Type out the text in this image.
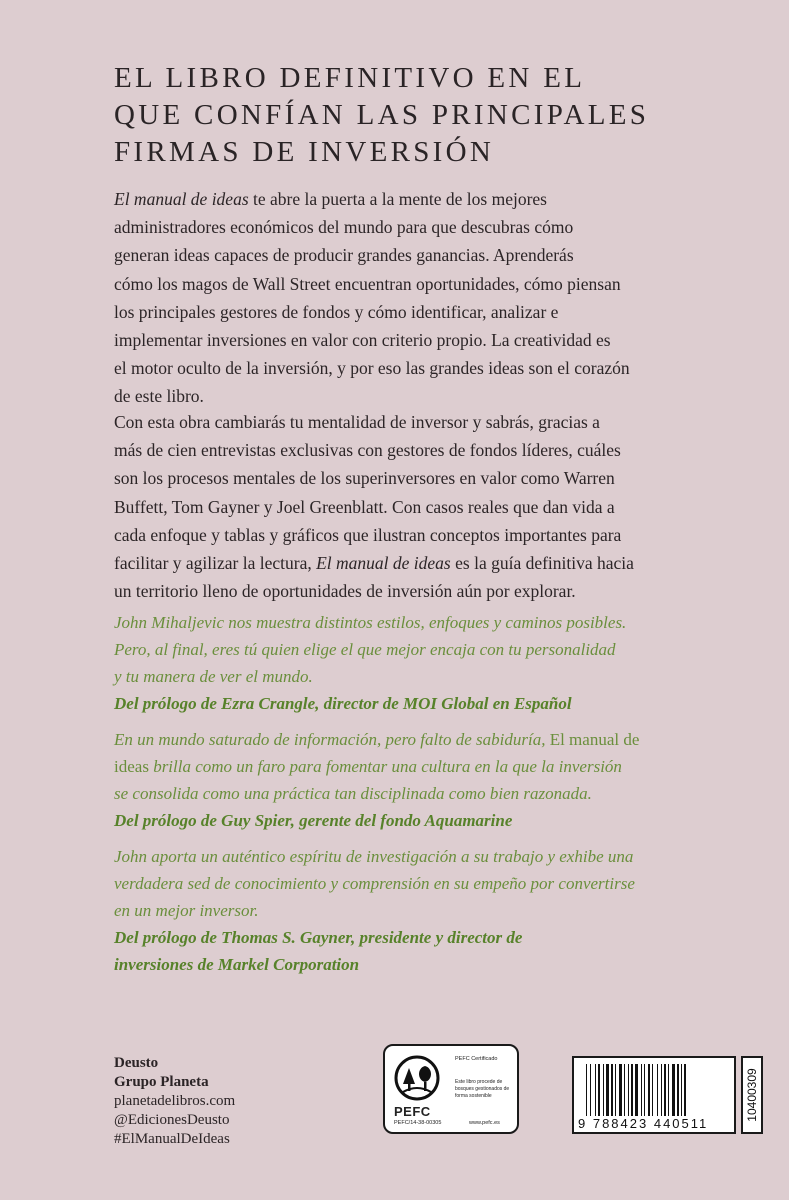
EL LIBRO DEFINITIVO EN EL
QUE CONFÍAN LAS PRINCIPALES
FIRMAS DE INVERSIÓN

El manual de ideas te abre la puerta a la mente de los mejores
administradores económicos del mundo para que descubras cómo
generan ideas capaces de producir grandes ganancias. Aprenderás
cómo los magos de Wall Street encuentran oportunidades, cómo piensan
los principales gestores de fondos y cómo identificar, analizar e
implementar inversiones en valor con criterio propio. La creatividad es
el motor oculto de la inversión, y por eso las grandes ideas son el corazón
de este libro.

Con esta obra cambiarás tu mentalidad de inversor y sabrás, gracias a
más de cien entrevistas exclusivas con gestores de fondos líderes, cuáles
son los procesos mentales de los superinversores en valor como Warren
Buffett, Tom Gayner y Joel Greenblatt. Con casos reales que dan vida a
cada enfoque y tablas y gráficos que ilustran conceptos importantes para
facilitar y agilizar la lectura, El manual de ideas es la guía definitiva hacia
un territorio lleno de oportunidades de inversión aún por explorar.

John Mihaljevic nos muestra distintos estilos, enfoques y caminos posibles.
Pero, al final, eres tú quien elige el que mejor encaja con tu personalidad
y tu manera de ver el mundo.
Del prólogo de Ezra Crangle, director de MOI Global en Español

En un mundo saturado de información, pero falto de sabiduría, El manual de
ideas brilla como un faro para fomentar una cultura en la que la inversión
se consolida como una práctica tan disciplinada como bien razonada.
Del prólogo de Guy Spier, gerente del fondo Aquamarine

John aporta un auténtico espíritu de investigación a su trabajo y exhibe una
verdadera sed de conocimiento y comprensión en su empeño por convertirse
en un mejor inversor.
Del prólogo de Thomas S. Gayner, presidente y director de
inversiones de Markel Corporation

Deusto
Grupo Planeta
planetadelibros.com
@EdicionesDeusto
#ElManualDeIdeas
PEFC
PEFC/14-38-00305
PEFC Certificado
Este libro procede de bosques gestionados de forma sostenible
www.pefc.es	9 788423 440511
10400309
